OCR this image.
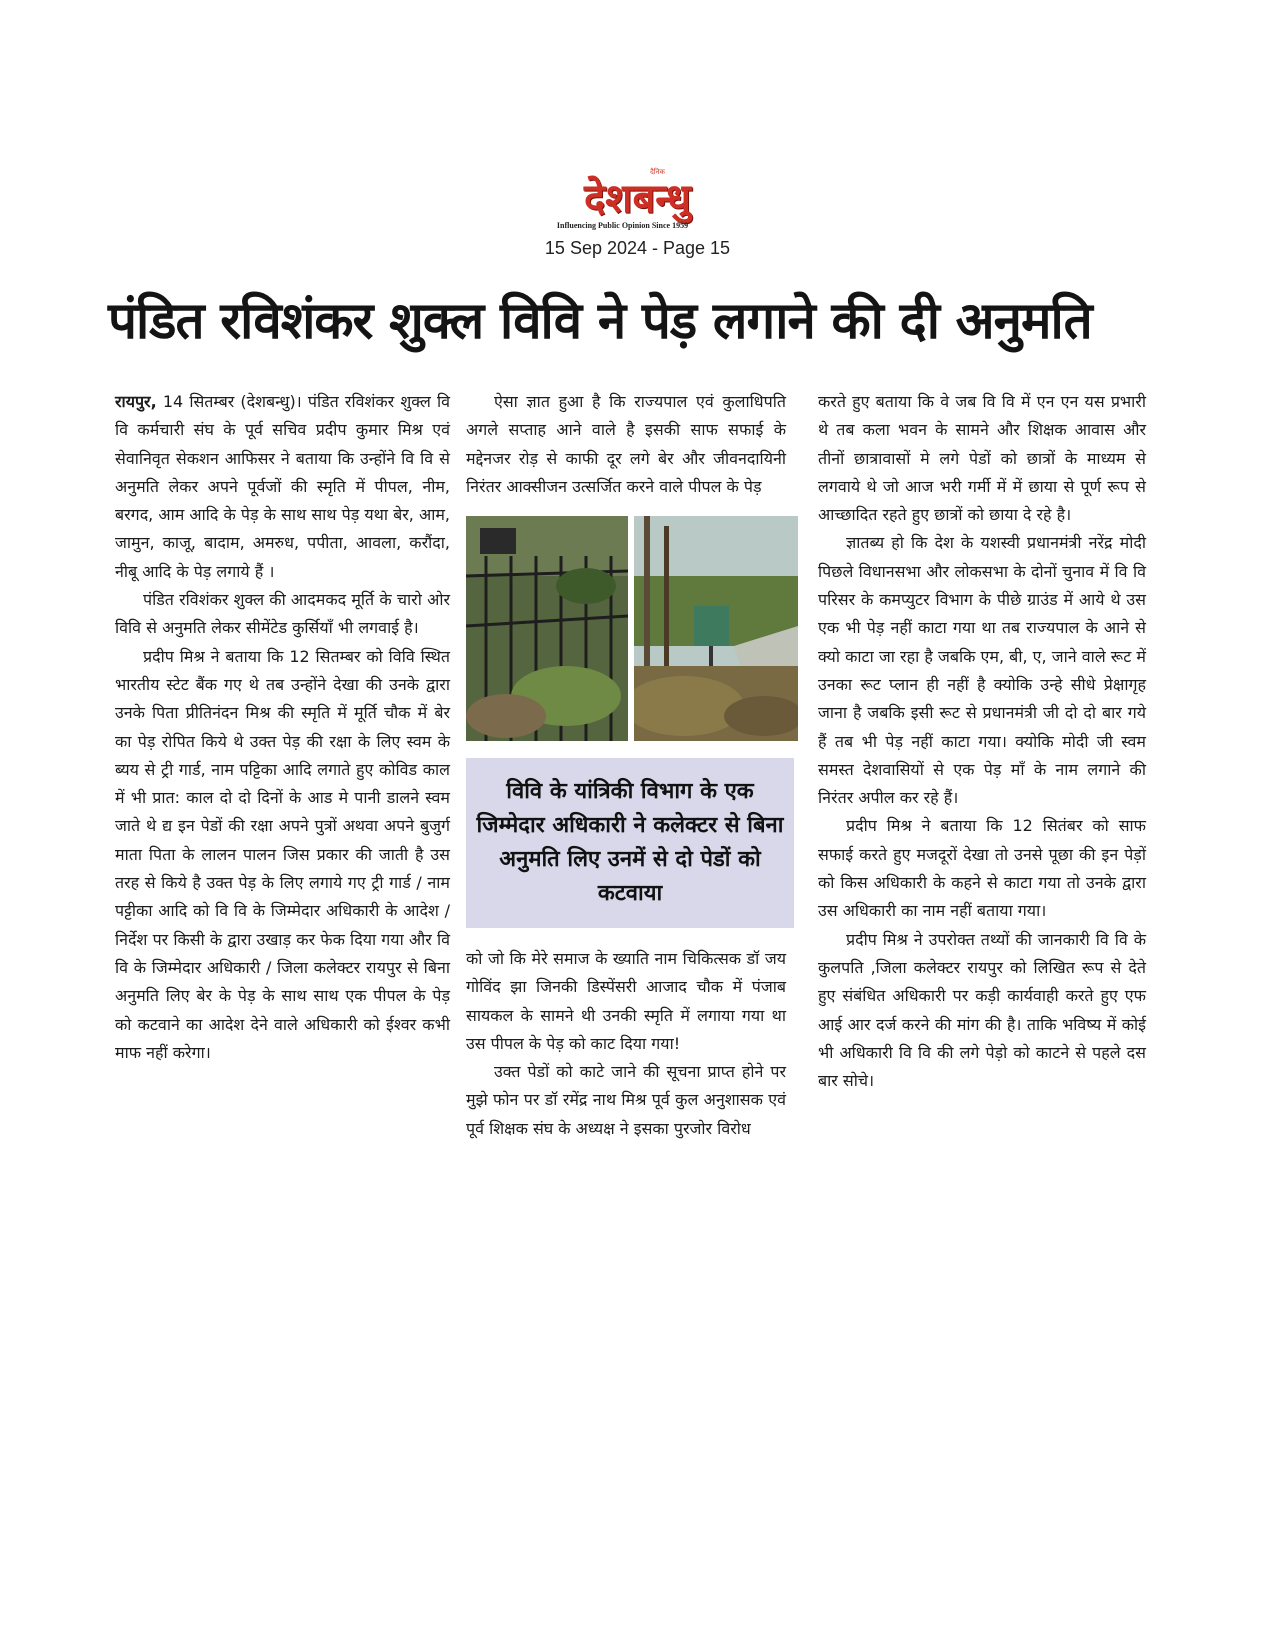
दैनिक
देशबन्धु
Influencing Public Opinion Since 1959
15 Sep 2024 - Page 15
पंडित रविशंकर शुक्ल विवि ने पेड़ लगाने की दी अनुमति

रायपुर, 14 सितम्बर (देशबन्धु)। पंडित रविशंकर शुक्ल वि वि कर्मचारी संघ के पूर्व सचिव प्रदीप कुमार मिश्र एवं सेवानिवृत सेकशन आफिसर ने बताया कि उन्होंने वि वि से अनुमति लेकर अपने पूर्वजों की स्मृति में पीपल, नीम, बरगद, आम आदि के पेड़ के साथ साथ पेड़ यथा बेर, आम, जामुन, काजू, बादाम, अमरुध, पपीता, आवला, करौंदा, नीबू आदि के पेड़ लगाये हैं ।

पंडित रविशंकर शुक्ल की आदमकद मूर्ति के चारो ओर विवि से अनुमति लेकर सीमेंटेड कुर्सियाँ भी लगवाई है।

प्रदीप मिश्र ने बताया कि 12 सितम्बर को विवि स्थित भारतीय स्टेट बैंक गए थे तब उन्होंने देखा की उनके द्वारा उनके पिता प्रीतिनंदन मिश्र की स्मृति में मूर्ति चौक में बेर का पेड़ रोपित किये थे उक्त पेड़ की रक्षा के लिए स्वम के ब्यय से ट्री गार्ड, नाम पट्टिका आदि लगाते हुए कोविड काल में भी प्रात: काल दो दो दिनों के आड मे पानी डालने स्वम जाते थे द्य इन पेडों की रक्षा अपने पुत्रों अथवा अपने बुजुर्ग माता पिता के लालन पालन जिस प्रकार की जाती है उस तरह से किये है उक्त पेड़ के लिए लगाये गए ट्री गार्ड / नाम पट्टीका आदि को वि वि के जिम्मेदार अधिकारी के आदेश / निर्देश पर किसी के द्वारा उखाड़ कर फेक दिया गया और वि वि के जिम्मेदार अधिकारी / जिला कलेक्टर रायपुर से बिना अनुमति लिए बेर के पेड़ के साथ साथ एक पीपल के पेड़ को कटवाने का आदेश देने वाले अधिकारी को ईश्वर कभी माफ नहीं करेगा।

ऐसा ज्ञात हुआ है कि राज्यपाल एवं कुलाधिपति अगले सप्ताह आने वाले है इसकी साफ सफाई के मद्देनजर रोड़ से काफी दूर लगे बेर और जीवनदायिनी निरंतर आक्सीजन उत्सर्जित करने वाले पीपल के पेड़

विवि के यांत्रिकी विभाग के एक जिम्मेदार अधिकारी ने कलेक्टर से बिना अनुमति लिए उनमें से दो पेडों को कटवाया

को जो कि मेरे समाज के ख्याति नाम चिकित्सक डॉ जय गोविंद झा जिनकी डिस्पेंसरी आजाद चौक में पंजाब सायकल के सामने थी उनकी स्मृति में लगाया गया था उस पीपल के पेड़ को काट दिया गया!

उक्त पेडों को काटे जाने की सूचना प्राप्त होने पर मुझे फोन पर डॉ रमेंद्र नाथ मिश्र पूर्व कुल अनुशासक एवं पूर्व शिक्षक संघ के अध्यक्ष ने इसका पुरजोर विरोध

करते हुए बताया कि वे जब वि वि में एन एन यस प्रभारी थे तब कला भवन के सामने और शिक्षक आवास और तीनों छात्रावासों मे लगे पेडों को छात्रों के माध्यम से लगवाये थे जो आज भरी गर्मी में में छाया से पूर्ण रूप से आच्छादित रहते हुए छात्रों को छाया दे रहे है।

ज्ञातब्य हो कि देश के यशस्वी प्रधानमंत्री नरेंद्र मोदी पिछले विधानसभा और लोकसभा के दोनों चुनाव में वि वि परिसर के कमप्युटर विभाग के पीछे ग्राउंड में आये थे उस एक भी पेड़ नहीं काटा गया था तब राज्यपाल के आने से क्यो काटा जा रहा है जबकि एम, बी, ए, जाने वाले रूट में उनका रूट प्लान ही नहीं है क्योकि उन्हे सीधे प्रेक्षागृह जाना है जबकि इसी रूट से प्रधानमंत्री जी दो दो बार गये हैं तब भी पेड़ नहीं काटा गया। क्योकि मोदी जी स्वम समस्त देशवासियों से एक पेड़ माँ के नाम लगाने की निरंतर अपील कर रहे हैं।

प्रदीप मिश्र ने बताया कि 12 सितंबर को साफ सफाई करते हुए मजदूरों देखा तो उनसे पूछा की इन पेड़ों को किस अधिकारी के कहने से काटा गया तो उनके द्वारा उस अधिकारी का नाम नहीं बताया गया।

प्रदीप मिश्र ने उपरोक्त तथ्यों की जानकारी वि वि के कुलपति ,जिला कलेक्टर रायपुर को लिखित रूप से देते हुए संबंधित अधिकारी पर कड़ी कार्यवाही करते हुए एफ आई आर दर्ज करने की मांग की है। ताकि भविष्य में कोई भी अधिकारी वि वि की लगे पेड़ो को काटने से पहले दस बार सोचे।
